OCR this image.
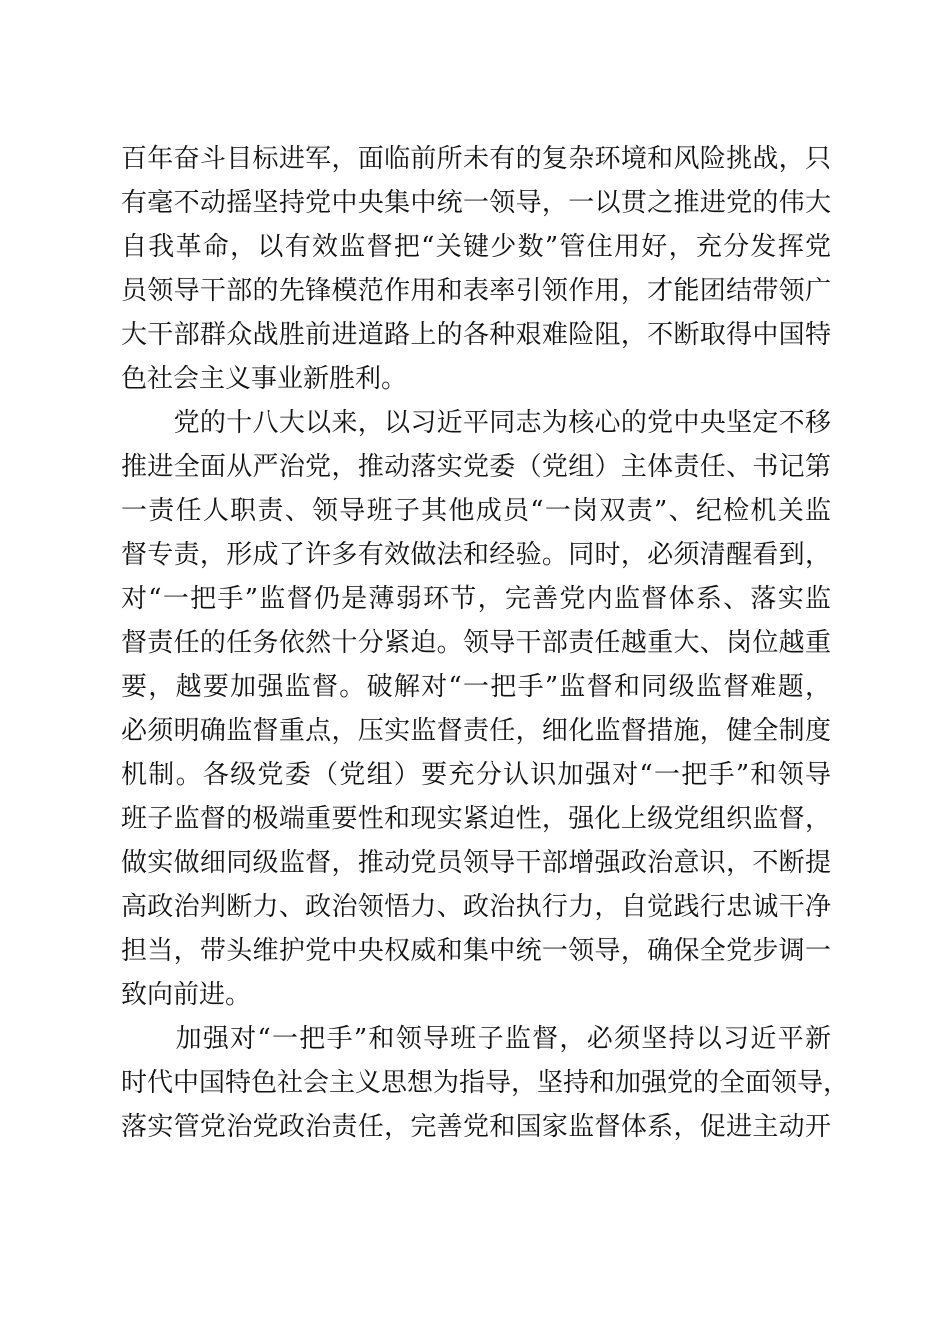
百年奋斗目标进军，面临前所未有的复杂环境和风险挑战，只
有毫不动摇坚持党中央集中统一领导，一以贯之推进党的伟大
自我革命，以有效监督把“关键少数”管住用好，充分发挥党
员领导干部的先锋模范作用和表率引领作用，才能团结带领广
大干部群众战胜前进道路上的各种艰难险阻，不断取得中国特
色社会主义事业新胜利。
　　党的十八大以来，以习近平同志为核心的党中央坚定不移
推进全面从严治党，推动落实党委（党组）主体责任、书记第
一责任人职责、领导班子其他成员“一岗双责”、纪检机关监
督专责，形成了许多有效做法和经验。同时，必须清醒看到，
对“一把手”监督仍是薄弱环节，完善党内监督体系、落实监
督责任的任务依然十分紧迫。领导干部责任越重大、岗位越重
要，越要加强监督。破解对“一把手”监督和同级监督难题，
必须明确监督重点，压实监督责任，细化监督措施，健全制度
机制。各级党委（党组）要充分认识加强对“一把手”和领导
班子监督的极端重要性和现实紧迫性，强化上级党组织监督，
做实做细同级监督，推动党员领导干部增强政治意识，不断提
高政治判断力、政治领悟力、政治执行力，自觉践行忠诚干净
担当，带头维护党中央权威和集中统一领导，确保全党步调一
致向前进。
　　加强对“一把手”和领导班子监督，必须坚持以习近平新
时代中国特色社会主义思想为指导，坚持和加强党的全面领导，
落实管党治党政治责任，完善党和国家监督体系，促进主动开
